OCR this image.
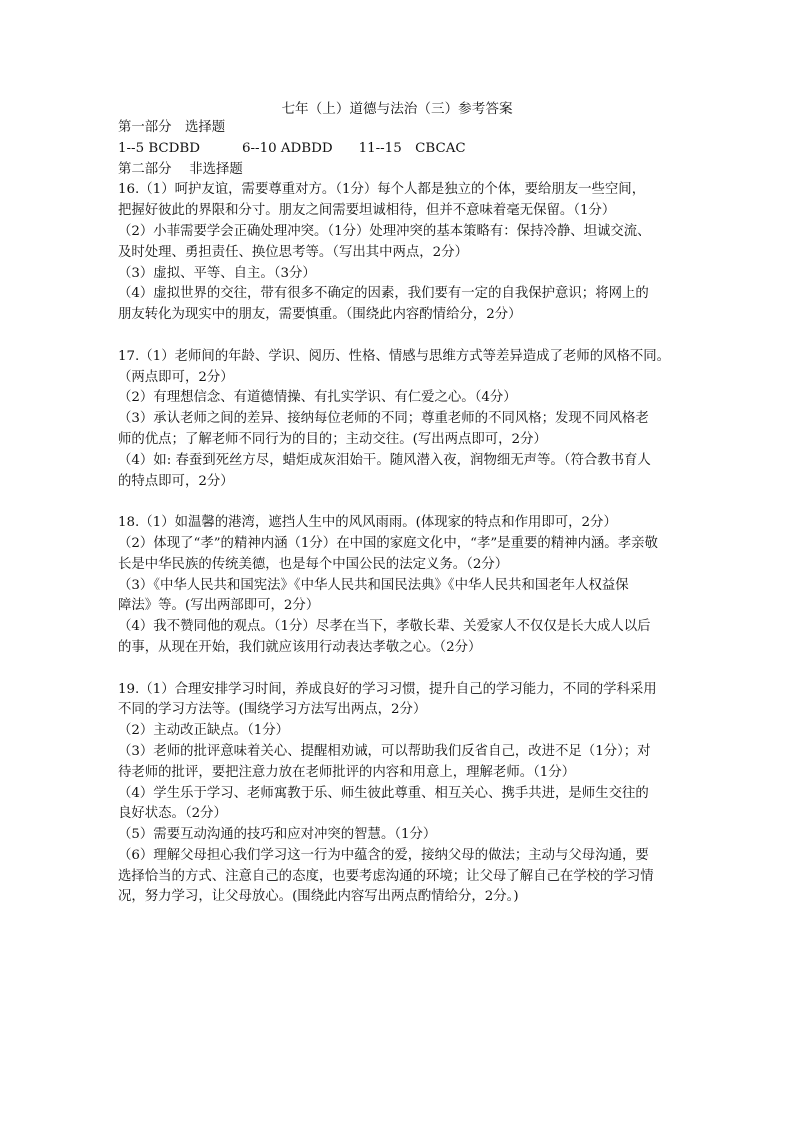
七年（上）道德与法治（三）参考答案
第一部分　选择题
1--5 BCDBD	6--10 ADBDD 11--15　CBCAC
第二部分　 非选择题
16.（1）呵护友谊，需要尊重对方。（1分）每个人都是独立的个体，要给朋友一些空间，
把握好彼此的界限和分寸。朋友之间需要坦诚相待，但并不意味着毫无保留。（1分）
（2）小菲需要学会正确处理冲突。（1分）处理冲突的基本策略有：保持冷静、坦诚交流、
及时处理、勇担责任、换位思考等。（写出其中两点，2分）
（3）虚拟、平等、自主。（3分）
（4）虚拟世界的交往，带有很多不确定的因素，我们要有一定的自我保护意识；将网上的
朋友转化为现实中的朋友，需要慎重。（围绕此内容酌情给分，2分）
17.（1）老师间的年龄、学识、阅历、性格、情感与思维方式等差异造成了老师的风格不同。
（两点即可，2分）
（2）有理想信念、有道德情操、有扎实学识、有仁爱之心。（4分）
（3）承认老师之间的差异、接纳每位老师的不同；尊重老师的不同风格；发现不同风格老
师的优点；了解老师不同行为的目的；主动交往。(写出两点即可，2分）
（4）如: 春蚕到死丝方尽，蜡炬成灰泪始干。随风潜入夜，润物细无声等。（符合教书育人
的特点即可，2分）
18.（1）如温馨的港湾，遮挡人生中的风风雨雨。(体现家的特点和作用即可，2分）
（2）体现了“孝”的精神内涵（1分）在中国的家庭文化中，“孝”是重要的精神内涵。孝亲敬
长是中华民族的传统美德，也是每个中国公民的法定义务。（2分）
（3）《中华人民共和国宪法》《中华人民共和国民法典》《中华人民共和国老年人权益保
障法》等。(写出两部即可，2分）
（4）我不赞同他的观点。（1分）尽孝在当下，孝敬长辈、关爱家人不仅仅是长大成人以后
的事，从现在开始，我们就应该用行动表达孝敬之心。（2分）
19.（1）合理安排学习时间，养成良好的学习习惯，提升自己的学习能力，不同的学科采用
不同的学习方法等。(围绕学习方法写出两点，2分）
（2）主动改正缺点。（1分）
（3）老师的批评意味着关心、提醒相劝诫，可以帮助我们反省自己，改进不足（1分）；对
待老师的批评，要把注意力放在老师批评的内容和用意上，理解老师。（1分）
（4）学生乐于学习、老师寓教于乐、师生彼此尊重、相互关心、携手共进，是师生交往的
良好状态。（2分）
（5）需要互动沟通的技巧和应对冲突的智慧。（1分）
（6）理解父母担心我们学习这一行为中蕴含的爱，接纳父母的做法；主动与父母沟通，要
选择恰当的方式、注意自己的态度，也要考虑沟通的环境；让父母了解自己在学校的学习情
况，努力学习，让父母放心。(围绕此内容写出两点酌情给分，2分。)
